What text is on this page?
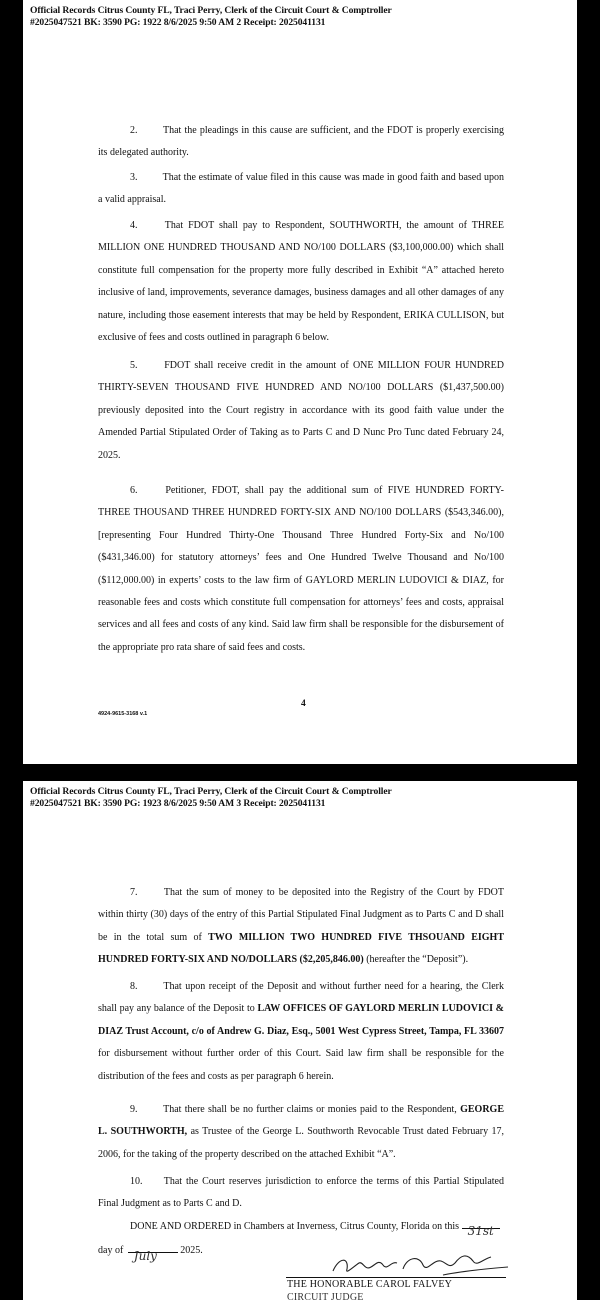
Official Records Citrus County FL, Traci Perry, Clerk of the Circuit Court & Comptroller
#2025047521 BK: 3590 PG: 1922 8/6/2025 9:50 AM 2 Receipt: 2025041131
2.	That the pleadings in this cause are sufficient, and the FDOT is properly exercising its delegated authority.
3.	That the estimate of value filed in this cause was made in good faith and based upon a valid appraisal.
4.	That FDOT shall pay to Respondent, SOUTHWORTH, the amount of THREE MILLION ONE HUNDRED THOUSAND AND NO/100 DOLLARS ($3,100,000.00) which shall constitute full compensation for the property more fully described in Exhibit “A” attached hereto inclusive of land, improvements, severance damages, business damages and all other damages of any nature, including those easement interests that may be held by Respondent, ERIKA CULLISON, but exclusive of fees and costs outlined in paragraph 6 below.
5.	FDOT shall receive credit in the amount of ONE MILLION FOUR HUNDRED THIRTY-SEVEN THOUSAND FIVE HUNDRED AND NO/100 DOLLARS ($1,437,500.00) previously deposited into the Court registry in accordance with its good faith value under the Amended Partial Stipulated Order of Taking as to Parts C and D Nunc Pro Tunc dated February 24, 2025.
6.	Petitioner, FDOT, shall pay the additional sum of FIVE HUNDRED FORTY-THREE THOUSAND THREE HUNDRED FORTY-SIX AND NO/100 DOLLARS ($543,346.00), [representing Four Hundred Thirty-One Thousand Three Hundred Forty-Six and No/100 ($431,346.00) for statutory attorneys’ fees and One Hundred Twelve Thousand and No/100 ($112,000.00) in experts’ costs to the law firm of GAYLORD MERLIN LUDOVICI & DIAZ, for reasonable fees and costs which constitute full compensation for attorneys’ fees and costs, appraisal services and all fees and costs of any kind. Said law firm shall be responsible for the disbursement of the appropriate pro rata share of said fees and costs.
4
4924-9615-3168 v.1
Official Records Citrus County FL, Traci Perry, Clerk of the Circuit Court & Comptroller
#2025047521 BK: 3590 PG: 1923 8/6/2025 9:50 AM 3 Receipt: 2025041131
7.	That the sum of money to be deposited into the Registry of the Court by FDOT within thirty (30) days of the entry of this Partial Stipulated Final Judgment as to Parts C and D shall be in the total sum of TWO MILLION TWO HUNDRED FIVE THSOUAND EIGHT HUNDRED FORTY-SIX AND NO/DOLLARS ($2,205,846.00) (hereafter the “Deposit”).
8.	That upon receipt of the Deposit and without further need for a hearing, the Clerk shall pay any balance of the Deposit to LAW OFFICES OF GAYLORD MERLIN LUDOVICI & DIAZ Trust Account, c/o of Andrew G. Diaz, Esq., 5001 West Cypress Street, Tampa, FL 33607 for disbursement without further order of this Court. Said law firm shall be responsible for the distribution of the fees and costs as per paragraph 6 herein.
9.	That there shall be no further claims or monies paid to the Respondent, GEORGE L. SOUTHWORTH, as Trustee of the George L. Southworth Revocable Trust dated February 17, 2006, for the taking of the property described on the attached Exhibit “A”.
10. That the Court reserves jurisdiction to enforce the terms of this Partial Stipulated Final Judgment as to Parts C and D.
DONE AND ORDERED in Chambers at Inverness, Citrus County, Florida on this 31st
day of July 2025.
THE HONORABLE CAROL FALVEY
CIRCUIT JUDGE
